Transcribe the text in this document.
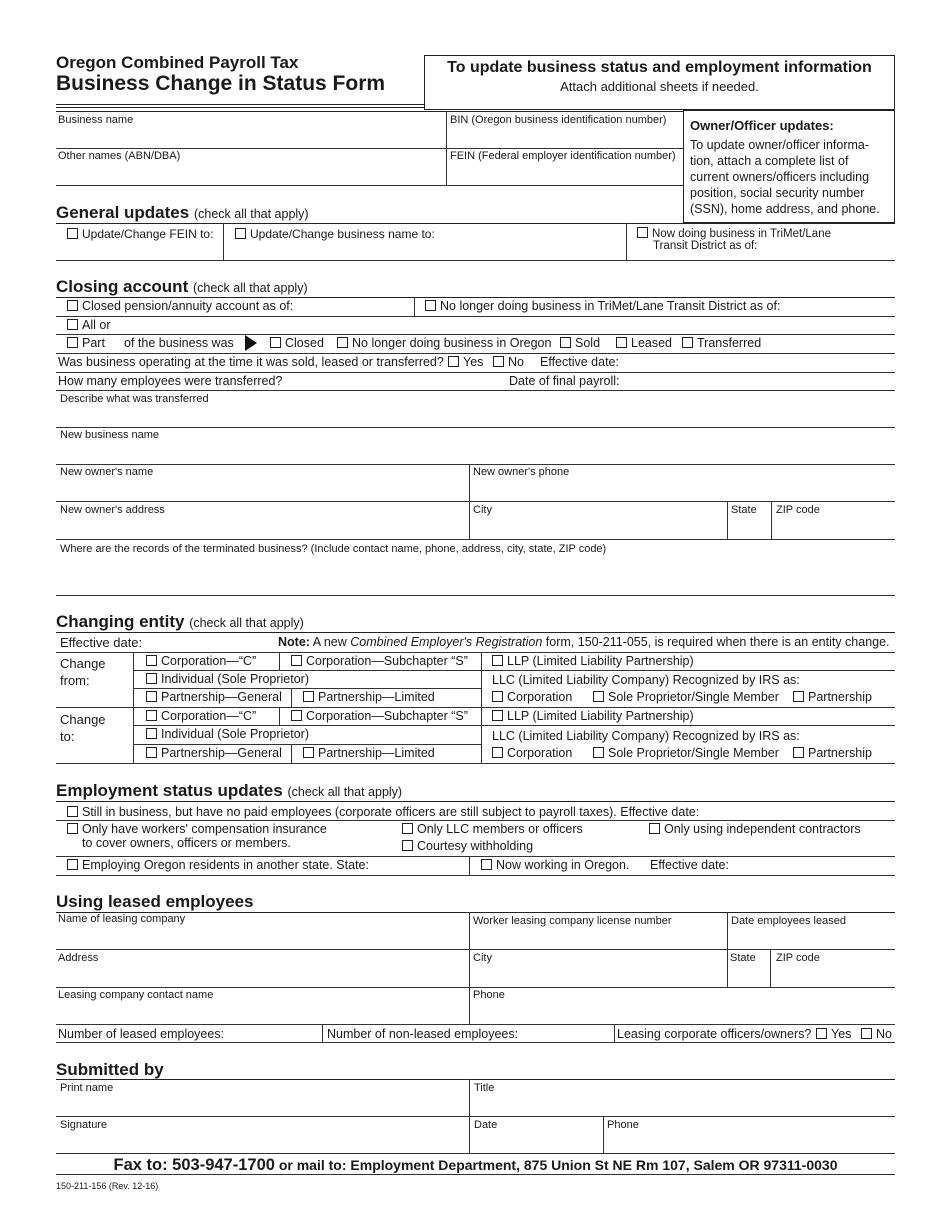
Oregon Combined Payroll Tax
Business Change in Status Form
To update business status and employment information
Attach additional sheets if needed.
Business name	BIN (Oregon business identification number)
Other names (ABN/DBA)	FEIN (Federal employer identification number)
Owner/Officer updates:
To update owner/officer informa-
tion, attach a complete list of
current owners/officers including
position, social security number
(SSN), home address, and phone.
General updates (check all that apply)
Update/Change FEIN to:	Update/Change business name to:	Now doing business in TriMet/Lane
Transit District as of:
Closing account (check all that apply)
Closed pension/annuity account as of:	No longer doing business in TriMet/Lane Transit District as of:
All or
Part of the business was	Closed	No longer doing business in Oregon	Sold	Leased	Transferred
Was business operating at the time it was sold, leased or transferred?	Yes	No Effective date:
How many employees were transferred?	Date of final payroll:
Describe what was transferred
New business name
New owner's name	New owner's phone
New owner's address	City	State ZIP code
Where are the records of the terminated business? (Include contact name, phone, address, city, state, ZIP code)
Changing entity (check all that apply)
Effective date:	Note: A new Combined Employer's Registration form, 150-211-055, is required when there is an entity change.
Change
from:
Corporation—“C”	Corporation—Subchapter “S”	LLP (Limited Liability Partnership)
Individual (Sole Proprietor)	LLC (Limited Liability Company) Recognized by IRS as:
Partnership—General	Partnership—Limited	Corporation	Sole Proprietor/Single Member	Partnership
Change
to:
Corporation—“C”	Corporation—Subchapter “S”	LLP (Limited Liability Partnership)
Individual (Sole Proprietor)	LLC (Limited Liability Company) Recognized by IRS as:
Partnership—General	Partnership—Limited	Corporation	Sole Proprietor/Single Member	Partnership
Employment status updates (check all that apply)
Still in business, but have no paid employees (corporate officers are still subject to payroll taxes). Effective date:
Only have workers' compensation insurance
to cover owners, officers or members.
Only LLC members or officers
Courtesy withholding
Only using independent contractors
Employing Oregon residents in another state. State:	Now working in Oregon. Effective date:
Using leased employees
Name of leasing company	Worker leasing company license number	Date employees leased
Address	City	State ZIP code
Leasing company contact name	Phone
Number of leased employees:	Number of non-leased employees:	Leasing corporate officers/owners?	Yes	No
Submitted by
Print name	Title
Signature	Date	Phone
Fax to: 503-947-1700 or mail to: Employment Department, 875 Union St NE Rm 107, Salem OR 97311-0030
150-211-156 (Rev. 12-16)
